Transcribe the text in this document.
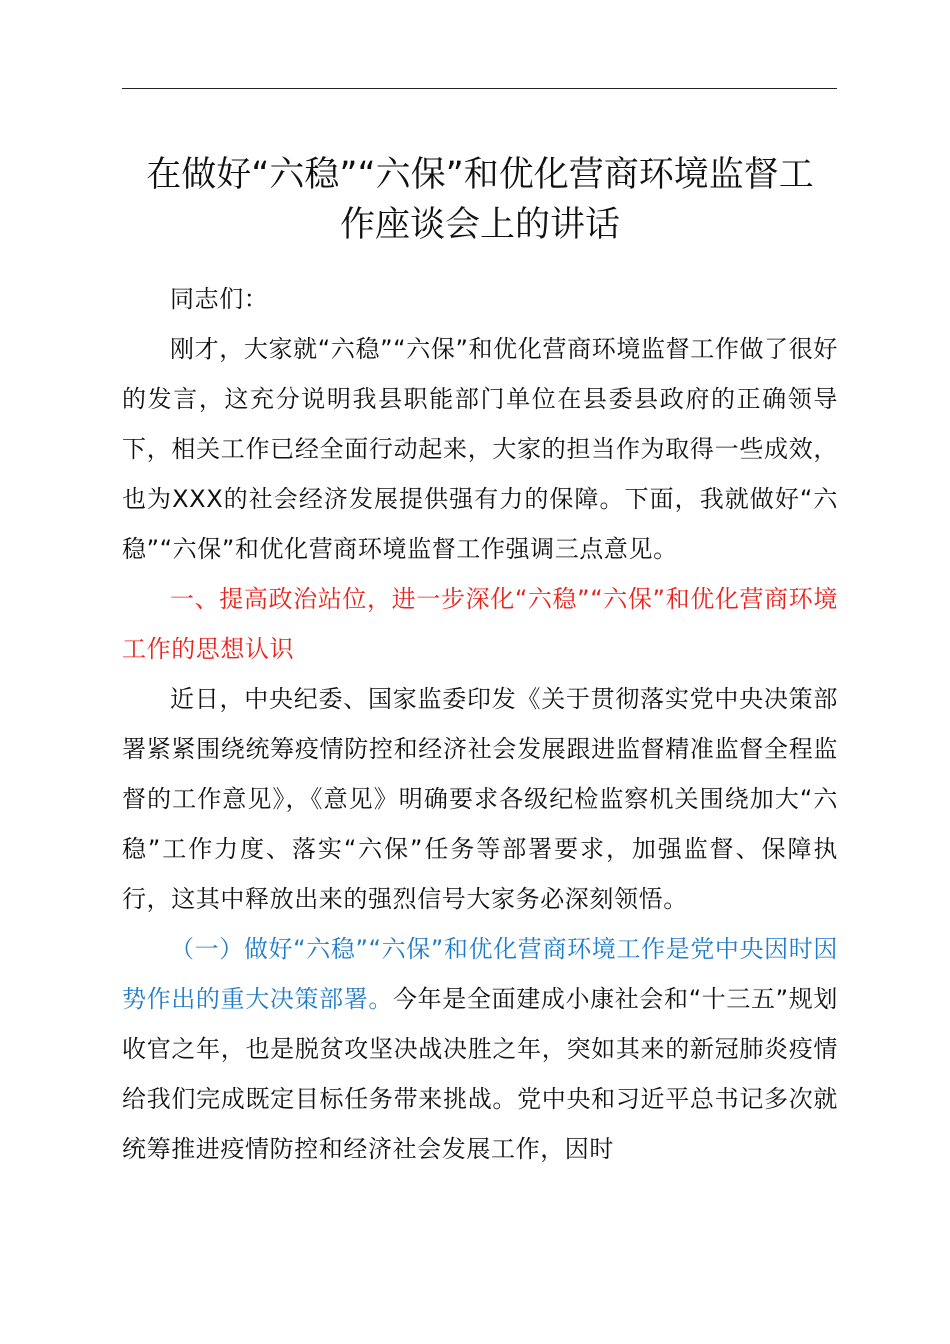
在做好“六稳”“六保”和优化营商环境监督工
作座谈会上的讲话

同志们：

刚才，大家就“六稳”“六保”和优化营商环境监督工作做了很好的发言，这充分说明我县职能部门单位在县委县政府的正确领导下，相关工作已经全面行动起来，大家的担当作为取得一些成效，也为XXX的社会经济发展提供强有力的保障。下面，我就做好“六稳”“六保”和优化营商环境监督工作强调三点意见。

一、提高政治站位，进一步深化“六稳”“六保”和优化营商环境工作的思想认识

近日，中央纪委、国家监委印发《关于贯彻落实党中央决策部署紧紧围绕统筹疫情防控和经济社会发展跟进监督精准监督全程监督的工作意见》，《意见》明确要求各级纪检监察机关围绕加大“六稳”工作力度、落实“六保”任务等部署要求，加强监督、保障执行，这其中释放出来的强烈信号大家务必深刻领悟。

（一）做好“六稳”“六保”和优化营商环境工作是党中央因时因势作出的重大决策部署。今年是全面建成小康社会和“十三五”规划收官之年，也是脱贫攻坚决战决胜之年，突如其来的新冠肺炎疫情给我们完成既定目标任务带来挑战。党中央和习近平总书记多次就统筹推进疫情防控和经济社会发展工作，因时
